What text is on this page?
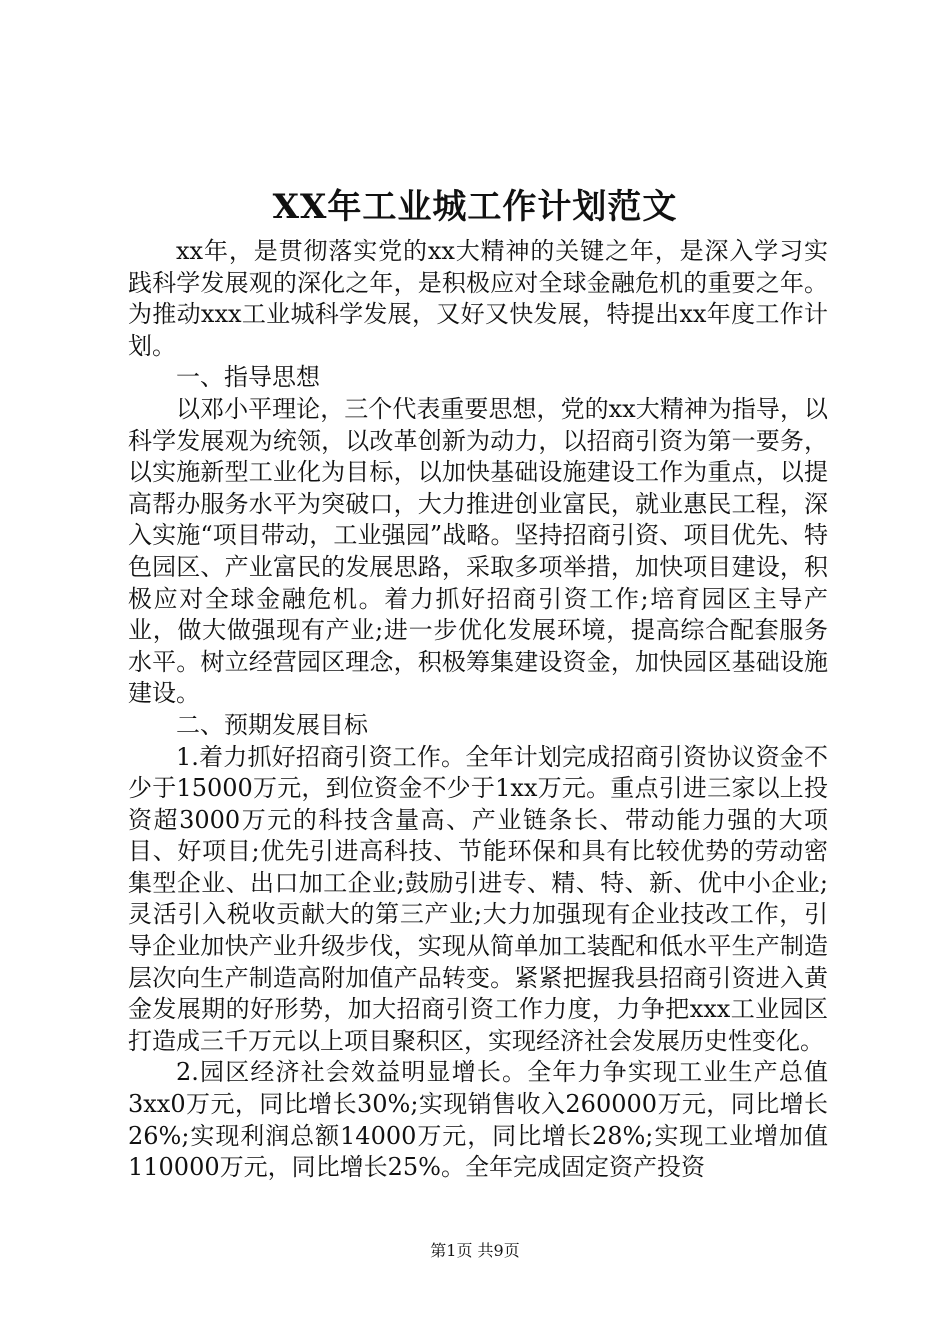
XX年工业城工作计划范文

xx年，是贯彻落实党的xx大精神的关键之年，是深入学习实践科学发展观的深化之年，是积极应对全球金融危机的重要之年。为推动xxx工业城科学发展，又好又快发展，特提出xx年度工作计划。

一、指导思想

以邓小平理论，三个代表重要思想，党的xx大精神为指导，以科学发展观为统领，以改革创新为动力，以招商引资为第一要务，以实施新型工业化为目标，以加快基础设施建设工作为重点，以提高帮办服务水平为突破口，大力推进创业富民，就业惠民工程，深入实施“项目带动，工业强园”战略。坚持招商引资、项目优先、特色园区、产业富民的发展思路，采取多项举措，加快项目建设，积极应对全球金融危机。着力抓好招商引资工作;培育园区主导产业，做大做强现有产业;进一步优化发展环境，提高综合配套服务水平。树立经营园区理念，积极筹集建设资金，加快园区基础设施建设。

二、预期发展目标

1.着力抓好招商引资工作。全年计划完成招商引资协议资金不少于15000万元，到位资金不少于1xx万元。重点引进三家以上投资超3000万元的科技含量高、产业链条长、带动能力强的大项目、好项目;优先引进高科技、节能环保和具有比较优势的劳动密集型企业、出口加工企业;鼓励引进专、精、特、新、优中小企业;灵活引入税收贡献大的第三产业;大力加强现有企业技改工作，引导企业加快产业升级步伐，实现从简单加工装配和低水平生产制造层次向生产制造高附加值产品转变。紧紧把握我县招商引资进入黄金发展期的好形势，加大招商引资工作力度，力争把xxx工业园区打造成三千万元以上项目聚积区，实现经济社会发展历史性变化。

2.园区经济社会效益明显增长。全年力争实现工业生产总值3xx0万元，同比增长30%;实现销售收入260000万元，同比增长26%;实现利润总额14000万元，同比增长28%;实现工业增加值110000万元，同比增长25%。全年完成固定资产投资

第1页 共9页
